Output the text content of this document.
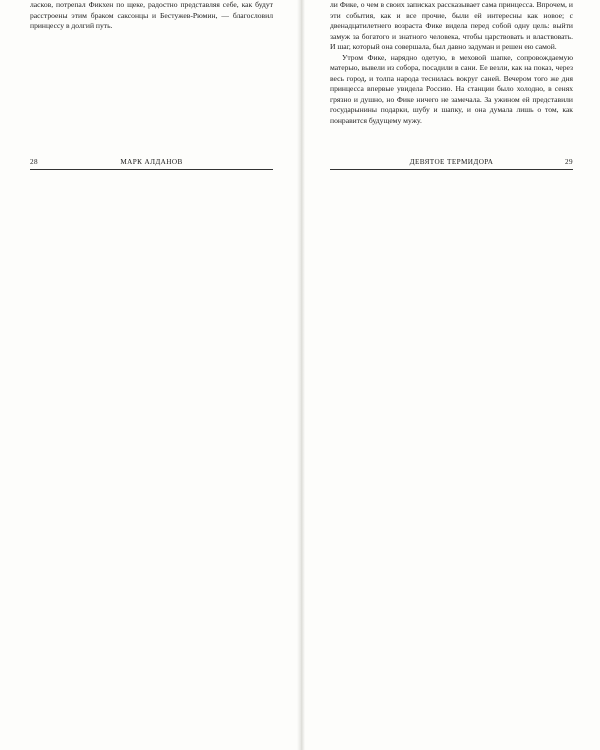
ласков, потрепал Фикхен по щеке, радостно представляя себе, как будут расстроены этим браком саксонцы и Бестужев-Рюмин, — благословил принцессу в долгий путь.

28	МАРК АЛДАНОВ

ли Фике, о чем в своих записках рассказывает сама принцесса. Впрочем, и эти события, как и все прочие, были ей интересны как новое; с двенадцатилетнего возраста Фике видела перед собой одну цель: выйти замуж за богатого и знатного человека, чтобы царствовать и властвовать. И шаг, который она совершала, был давно задуман и решен ею самой.

Утром Фике, нарядно одетую, в меховой шапке, сопровождаемую матерью, вывели из собора, посадили в сани. Ее везли, как на показ, через весь город, и толпа народа теснилась вокруг саней. Вечером того же дня принцесса впервые увидела Россию. На станции было холодно, в сенях грязно и душно, но Фике ничего не замечала. За ужином ей представили государынины подарки, шубу и шапку, и она думала лишь о том, как понравится будущему мужу.

ДЕВЯТОЕ ТЕРМИДОРА	29
